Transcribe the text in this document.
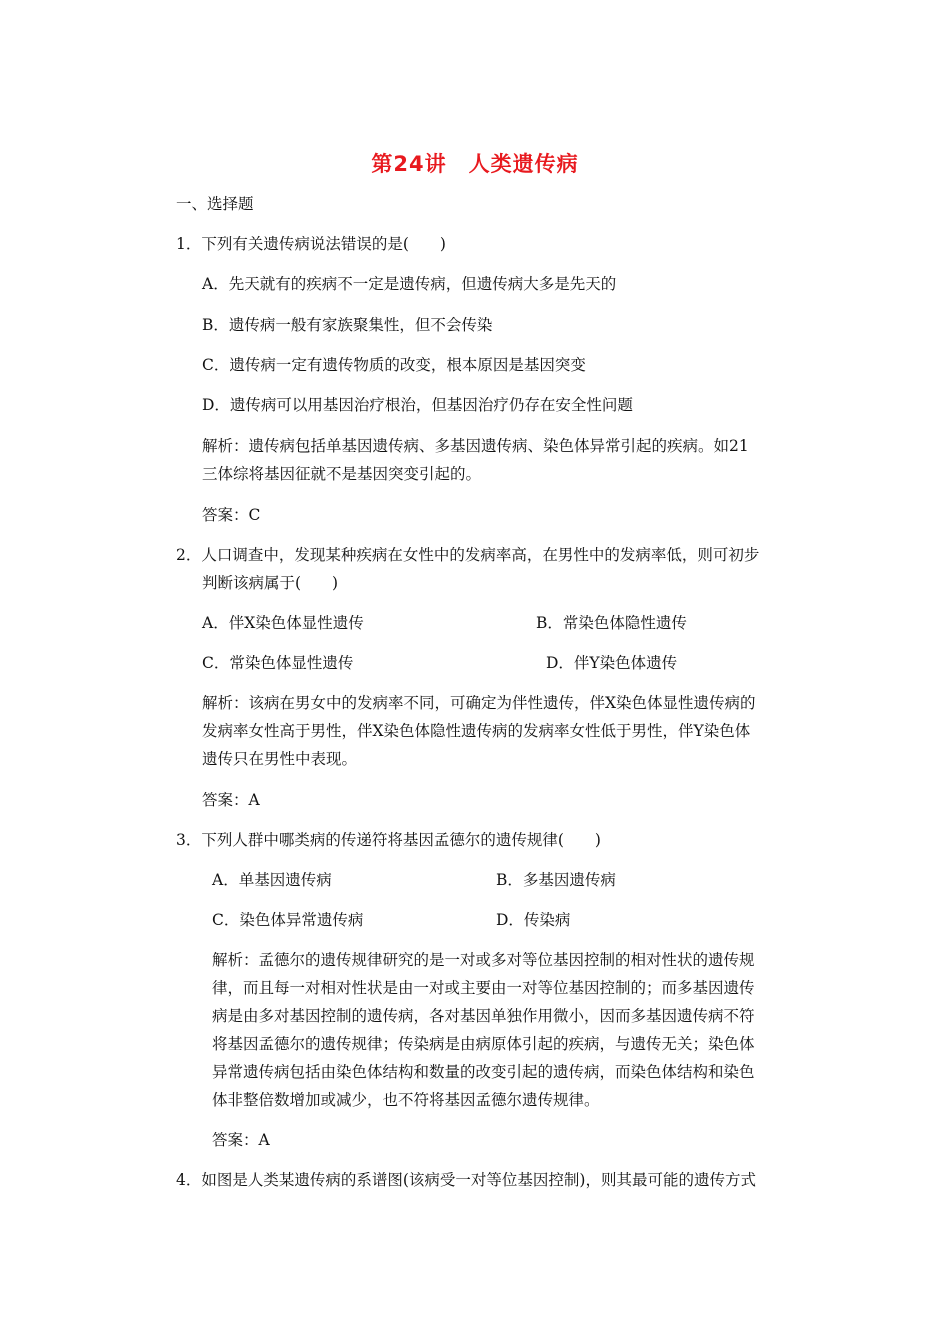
第24讲 人类遗传病
一、选择题
1．下列有关遗传病说法错误的是(　　)
A．先天就有的疾病不一定是遗传病，但遗传病大多是先天的
B．遗传病一般有家族聚集性，但不会传染
C．遗传病一定有遗传物质的改变，根本原因是基因突变
D．遗传病可以用基因治疗根治，但基因治疗仍存在安全性问题
解析：遗传病包括单基因遗传病、多基因遗传病、染色体异常引起的疾病。如21
三体综将基因征就不是基因突变引起的。
答案：C
2．人口调查中，发现某种疾病在女性中的发病率高，在男性中的发病率低，则可初步
判断该病属于(　　)
A．伴X染色体显性遗传	B．常染色体隐性遗传
C．常染色体显性遗传	D．伴Y染色体遗传
解析：该病在男女中的发病率不同，可确定为伴性遗传，伴X染色体显性遗传病的
发病率女性高于男性，伴X染色体隐性遗传病的发病率女性低于男性，伴Y染色体
遗传只在男性中表现。
答案：A
3．下列人群中哪类病的传递符将基因孟德尔的遗传规律(　　)
A．单基因遗传病	B．多基因遗传病
C．染色体异常遗传病	D．传染病
解析：孟德尔的遗传规律研究的是一对或多对等位基因控制的相对性状的遗传规
律，而且每一对相对性状是由一对或主要由一对等位基因控制的；而多基因遗传
病是由多对基因控制的遗传病，各对基因单独作用微小，因而多基因遗传病不符
将基因孟德尔的遗传规律；传染病是由病原体引起的疾病，与遗传无关；染色体
异常遗传病包括由染色体结构和数量的改变引起的遗传病，而染色体结构和染色
体非整倍数增加或减少，也不符将基因孟德尔遗传规律。
答案：A
4．如图是人类某遗传病的系谱图(该病受一对等位基因控制)，则其最可能的遗传方式
